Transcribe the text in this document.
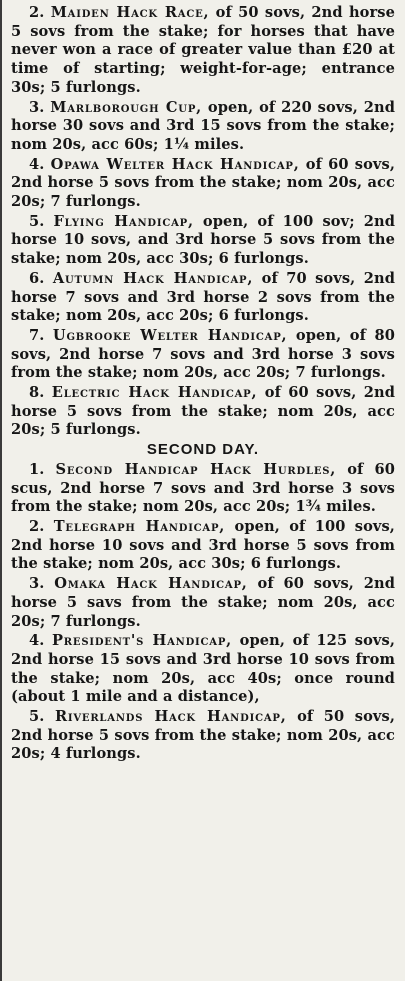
2. Maiden Hack Race, of 50 sovs, 2nd horse 5 sovs from the stake; for horses that have never won a race of greater value than £20 at time of starting; weight-for-age; entrance 30s; 5 furlongs.
3. Marlborough Cup, open, of 220 sovs, 2nd horse 30 sovs and 3rd 15 sovs from the stake; nom 20s, acc 60s; 1¼ miles.
4. Opawa Welter Hack Handicap, of 60 sovs, 2nd horse 5 sovs from the stake; nom 20s, acc 20s; 7 furlongs.
5. Flying Handicap, open, of 100 sov; 2nd horse 10 sovs, and 3rd horse 5 sovs from the stake; nom 20s, acc 30s; 6 furlongs.
6. Autumn Hack Handicap, of 70 sovs, 2nd horse 7 sovs and 3rd horse 2 sovs from the stake; nom 20s, acc 20s; 6 furlongs.
7. Ugbrooke Welter Handicap, open, of 80 sovs, 2nd horse 7 sovs and 3rd horse 3 sovs from the stake; nom 20s, acc 20s; 7 furlongs.
8. Electric Hack Handicap, of 60 sovs, 2nd horse 5 sovs from the stake; nom 20s, acc 20s; 5 furlongs.
SECOND DAY.
1. Second Handicap Hack Hurdles, of 60 scus, 2nd horse 7 sovs and 3rd horse 3 sovs from the stake; nom 20s, acc 20s; 1¾ miles.
2. Telegraph Handicap, open, of 100 sovs, 2nd horse 10 sovs and 3rd horse 5 sovs from the stake; nom 20s, acc 30s; 6 furlongs.
3. Omaka Hack Handicap, of 60 sovs, 2nd horse 5 savs from the stake; nom 20s, acc 20s; 7 furlongs.
4. President's Handicap, open, of 125 sovs, 2nd horse 15 sovs and 3rd horse 10 sovs from the stake; nom 20s, acc 40s; once round (about 1 mile and a distance),
5. Riverlands Hack Handicap, of 50 sovs, 2nd horse 5 sovs from the stake; nom 20s, acc 20s; 4 furlongs.
